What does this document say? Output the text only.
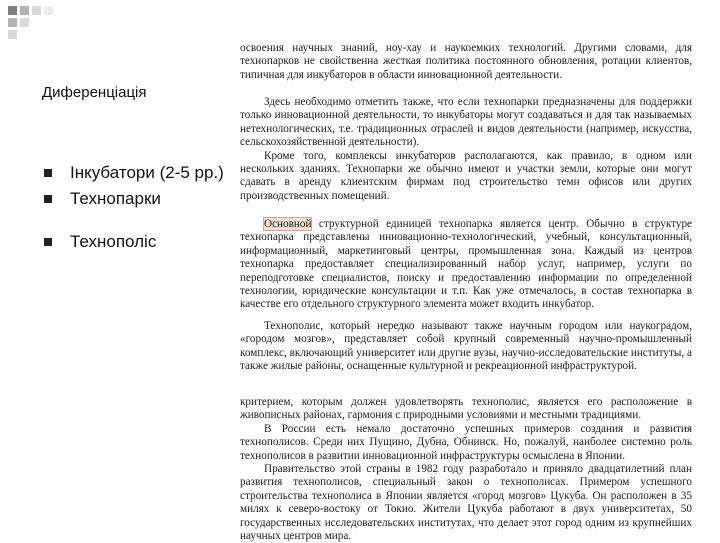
Диференціація
Інкубатори (2-5 рр.)
Технопарки
Технополіс

освоения научных знаний, ноу-хау и наукоемких технологий. Другими словами, для технопарков не свойственна жесткая политика постоянного обновления, ротации клиентов, типичная для инкубаторов в области инновационной деятельности.

Здесь необходимо отметить также, что если технопарки предназначены для поддержки только инновационной деятельности, то инкубаторы могут создаваться и для так называемых нетехнологических, т.е. традиционных отраслей и видов деятельности (например, искусства, сельскохозяйственной деятельности).

Кроме того, комплексы инкубаторов располагаются, как правило, в одном или нескольких зданиях. Технопарки же обычно имеют и участки земли, которые они могут сдавать в аренду клиентским фирмам под строительство темн офисов или других производственных помещений.

Основной структурной единицей технопарка является центр. Обычно в структуре технопарка представлены инновационно-технологический, учебный, консультационный, информационный, маркетинговый центры, промышленная зона. Каждый из центров технопарка предоставляет специализированный набор услуг, например, услуги по переподготовке специалистов, поиску и предоставлению информации по определенной технологии, юридические консультации и т.п. Как уже отмечалось, в состав технопарка в качестве его отдельного структурного элемента может входить инкубатор.

Технополис, который нередко называют также научным городом или наукоградом, «городом мозгов», представляет собой крупный современный научно-промышленный комплекс, включающий университет или другие вузы, научно-исследовательские институты, а также жилые районы, оснащенные культурной и рекреационной инфраструктурой.

критерием, которым должен удовлетворять технополис, является его расположение в живописных районах, гармония с природными условиями и местными традициями.

В России есть немало достаточно успешных примеров создания и развития технополисов. Среди них Пущино, Дубна, Обнинск. Но, пожалуй, наиболее системно роль технополисов в развитии инновационной инфраструктуры осмыслена в Японии.

Правительство этой страны в 1982 году разработало и приняло двадцатилетний план развития технополисов, специальный закон о технополисах. Примером успешного строительства технополиса в Японии является «город мозгов» Цукуба. Он расположен в 35 милях к северо-востоку от Токио. Жители Цукуба работают в двух университетах, 50 государственных исследовательских институтах, что делает этот город одним из крупнейших научных центров мира.
